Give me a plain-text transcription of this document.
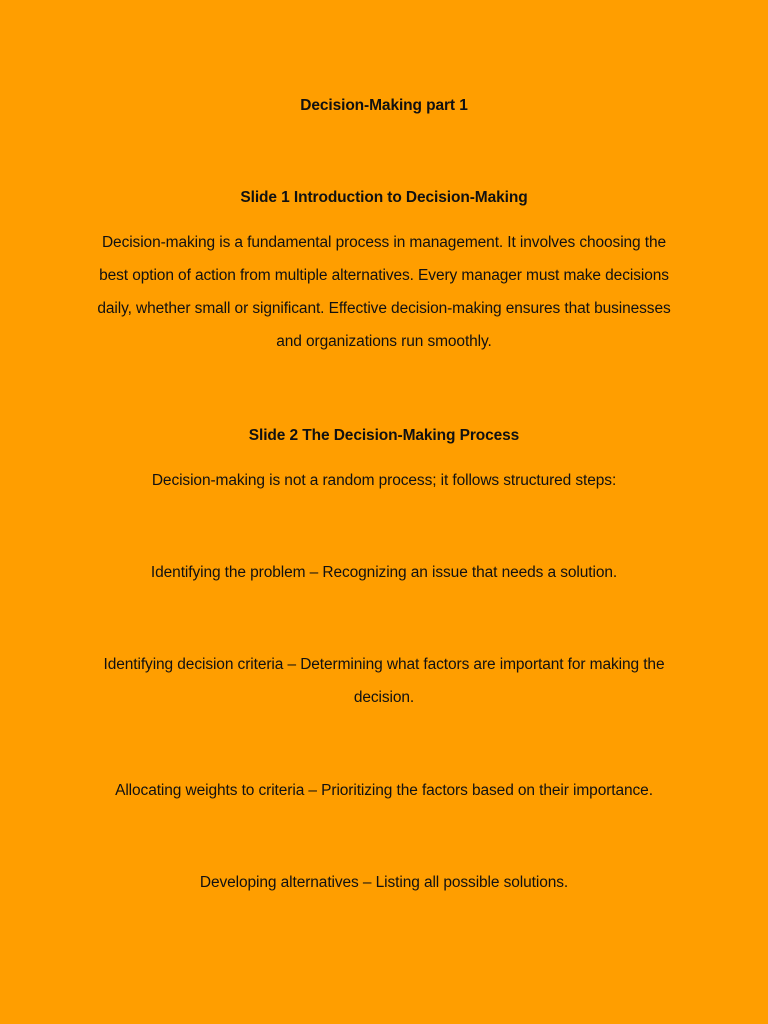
Decision-Making part 1

Slide 1 Introduction to Decision-Making

Decision-making is a fundamental process in management. It involves choosing the best option of action from multiple alternatives. Every manager must make decisions daily, whether small or significant. Effective decision-making ensures that businesses and organizations run smoothly.

Slide 2 The Decision-Making Process

Decision-making is not a random process; it follows structured steps:

Identifying the problem – Recognizing an issue that needs a solution.

Identifying decision criteria – Determining what factors are important for making the decision.

Allocating weights to criteria – Prioritizing the factors based on their importance.

Developing alternatives – Listing all possible solutions.
